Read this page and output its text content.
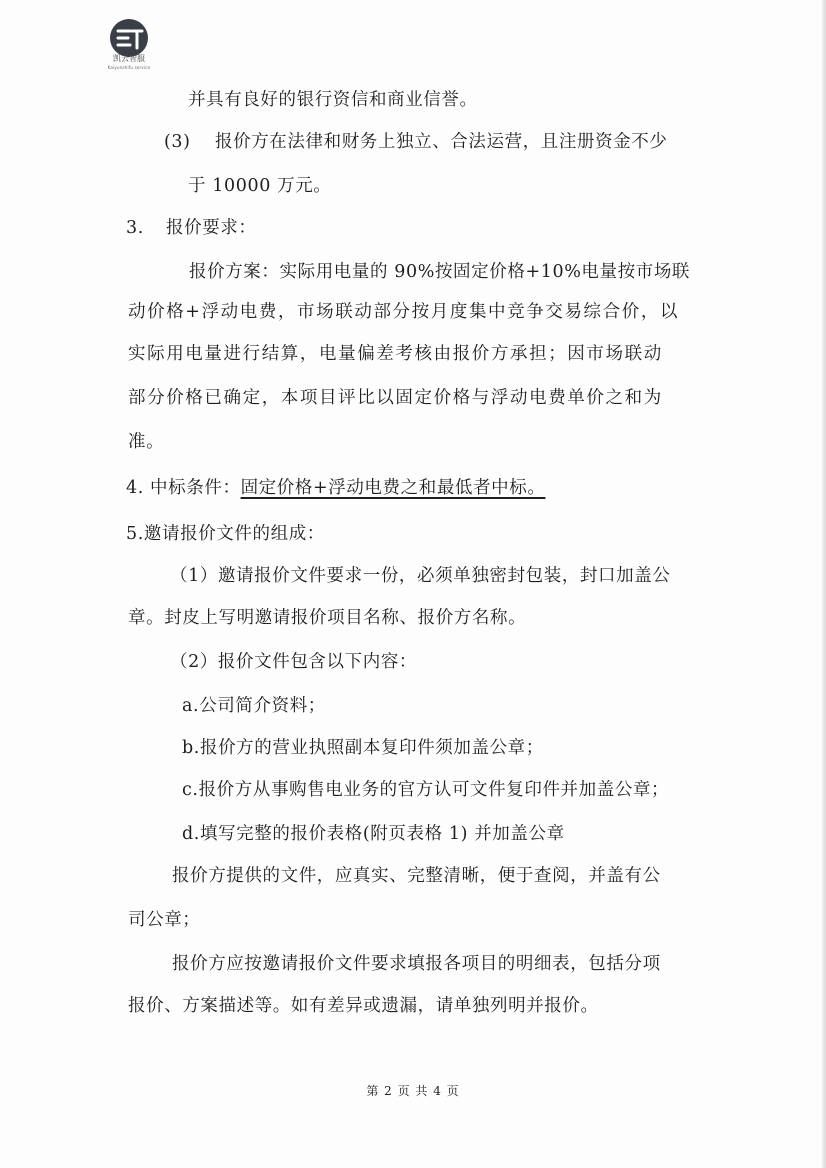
凯云智服
Kaiyunzhifu service
并具有良好的银行资信和商业信誉。
(3) 报价方在法律和财务上独立、合法运营，且注册资金不少
于 10000 万元。
3. 报价要求：
报价方案：实际用电量的 90%按固定价格+10%电量按市场联
动价格+浮动电费，市场联动部分按月度集中竞争交易综合价，以
实际用电量进行结算，电量偏差考核由报价方承担；因市场联动
部分价格已确定，本项目评比以固定价格与浮动电费单价之和为
准。
4. 中标条件：固定价格+浮动电费之和最低者中标。
5.邀请报价文件的组成：
（1）邀请报价文件要求一份，必须单独密封包装，封口加盖公
章。封皮上写明邀请报价项目名称、报价方名称。
（2）报价文件包含以下内容：
a.公司简介资料；
b.报价方的营业执照副本复印件须加盖公章；
c.报价方从事购售电业务的官方认可文件复印件并加盖公章；
d.填写完整的报价表格(附页表格 1) 并加盖公章
报价方提供的文件，应真实、完整清晰，便于查阅，并盖有公
司公章；
报价方应按邀请报价文件要求填报各项目的明细表，包括分项
报价、方案描述等。如有差异或遗漏，请单独列明并报价。
第 2 页 共 4 页
